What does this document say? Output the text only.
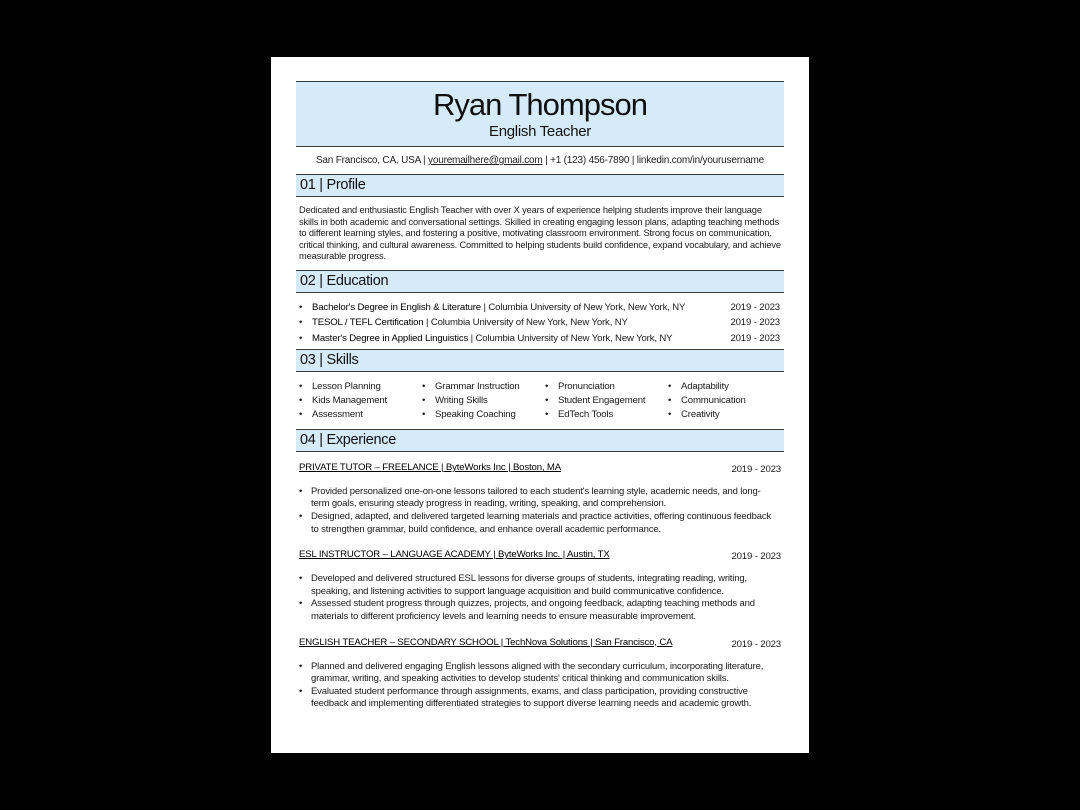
Ryan Thompson
English Teacher
San Francisco, CA, USA | youremailhere@gmail.com | +1 (123) 456-7890 | linkedin.com/in/yourusername
01 | Profile
Dedicated and enthusiastic English Teacher with over X years of experience helping students improve their language skills in both academic and conversational settings. Skilled in creating engaging lesson plans, adapting teaching methods to different learning styles, and fostering a positive, motivating classroom environment. Strong focus on communication, critical thinking, and cultural awareness. Committed to helping students build confidence, expand vocabulary, and achieve measurable progress.
02 | Education
• Bachelor's Degree in English & Literature | Columbia University of New York, New York, NY	2019 - 2023
• TESOL / TEFL Certification | Columbia University of New York, New York, NY	2019 - 2023
• Master's Degree in Applied Linguistics | Columbia University of New York, New York, NY	2019 - 2023
03 | Skills
• Lesson Planning	• Grammar Instruction	• Pronunciation	• Adaptability
• Kids Management	• Writing Skills	• Student Engagement	• Communication
• Assessment	• Speaking Coaching	• EdTech Tools	• Creativity
04 | Experience
PRIVATE TUTOR – FREELANCE | ByteWorks Inc | Boston, MA	2019 - 2023
• Provided personalized one-on-one lessons tailored to each student's learning style, academic needs, and long-term goals, ensuring steady progress in reading, writing, speaking, and comprehension.
• Designed, adapted, and delivered targeted learning materials and practice activities, offering continuous feedback to strengthen grammar, build confidence, and enhance overall academic performance.
ESL INSTRUCTOR – LANGUAGE ACADEMY | ByteWorks Inc. | Austin, TX	2019 - 2023
• Developed and delivered structured ESL lessons for diverse groups of students, integrating reading, writing, speaking, and listening activities to support language acquisition and build communicative confidence.
• Assessed student progress through quizzes, projects, and ongoing feedback, adapting teaching methods and materials to different proficiency levels and learning needs to ensure measurable improvement.
ENGLISH TEACHER – SECONDARY SCHOOL | TechNova Solutions | San Francisco, CA	2019 - 2023
• Planned and delivered engaging English lessons aligned with the secondary curriculum, incorporating literature, grammar, writing, and speaking activities to develop students' critical thinking and communication skills.
• Evaluated student performance through assignments, exams, and class participation, providing constructive feedback and implementing differentiated strategies to support diverse learning needs and academic growth.
